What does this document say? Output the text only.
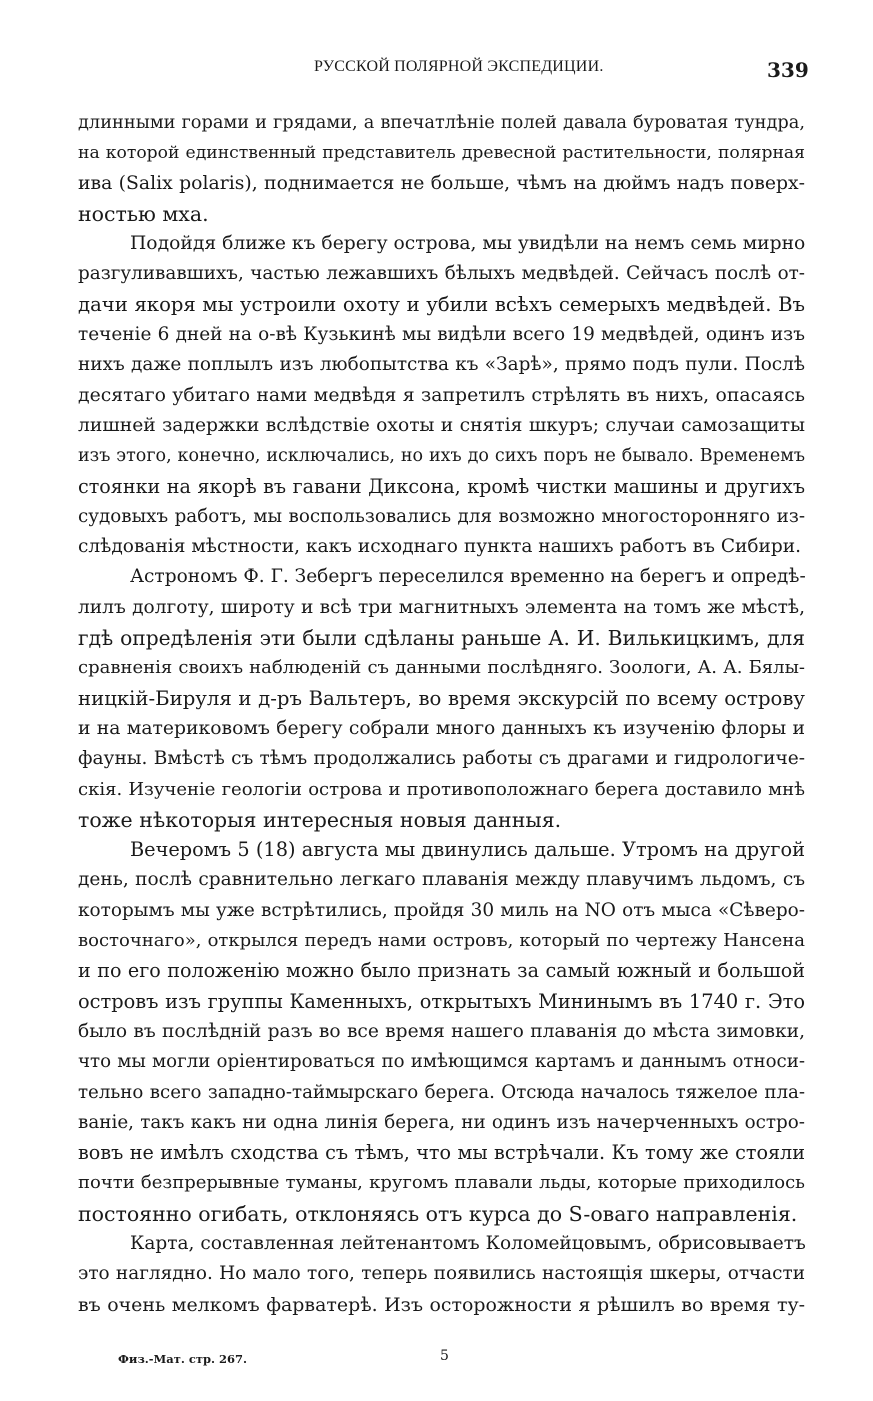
РУССКОЙ ПОЛЯРНОЙ ЭКСПЕДИЦИИ.	339
длинными горами и грядами, а впечатлѣніе полей давала буроватая тундра,
на которой единственный представитель древесной растительности, полярная
ива (Salix polaris), поднимается не больше, чѣмъ на дюймъ надъ поверх-
ностью мха.
Подойдя ближе къ берегу острова, мы увидѣли на немъ семь мирно
разгуливавшихъ, частью лежавшихъ бѣлыхъ медвѣдей. Сейчасъ послѣ от-
дачи якоря мы устроили охоту и убили всѣхъ семерыхъ медвѣдей. Въ
теченіе 6 дней на о-вѣ Кузькинѣ мы видѣли всего 19 медвѣдей, одинъ изъ
нихъ даже поплылъ изъ любопытства къ «Зарѣ», прямо подъ пули. Послѣ
десятаго убитаго нами медвѣдя я запретилъ стрѣлять въ нихъ, опасаясь
лишней задержки вслѣдствіе охоты и снятія шкуръ; случаи самозащиты
изъ этого, конечно, исключались, но ихъ до сихъ поръ не бывало. Временемъ
стоянки на якорѣ въ гавани Диксона, кромѣ чистки машины и другихъ
судовыхъ работъ, мы воспользовались для возможно многосторонняго из-
слѣдованія мѣстности, какъ исходнаго пункта нашихъ работъ въ Сибири.
Астрономъ Ф. Г. Зебергъ переселился временно на берегъ и опредѣ-
лилъ долготу, широту и всѣ три магнитныхъ элемента на томъ же мѣстѣ,
гдѣ опредѣленія эти были сдѣланы раньше А. И. Вилькицкимъ, для
сравненія своихъ наблюденій съ данными послѣдняго. Зоологи, А. А. Бялы-
ницкій-Бируля и д-ръ Вальтеръ, во время экскурсій по всему острову
и на материковомъ берегу собрали много данныхъ къ изученію флоры и
фауны. Вмѣстѣ съ тѣмъ продолжались работы съ драгами и гидрологиче-
скія. Изученіе геологіи острова и противоположнаго берега доставило мнѣ
тоже нѣкоторыя интересныя новыя данныя.
Вечеромъ 5 (18) августа мы двинулись дальше. Утромъ на другой
день, послѣ сравнительно легкаго плаванія между плавучимъ льдомъ, съ
которымъ мы уже встрѣтились, пройдя 30 миль на NO отъ мыса «Сѣверо-
восточнаго», открылся передъ нами островъ, который по чертежу Нансена
и по его положенію можно было признать за самый южный и большой
островъ изъ группы Каменныхъ, открытыхъ Мининымъ въ 1740 г. Это
было въ послѣдній разъ во все время нашего плаванія до мѣста зимовки,
что мы могли оріентироваться по имѣющимся картамъ и даннымъ относи-
тельно всего западно-таймырскаго берега. Отсюда началось тяжелое пла-
ваніе, такъ какъ ни одна линія берега, ни одинъ изъ начерченныхъ остро-
вовъ не имѣлъ сходства съ тѣмъ, что мы встрѣчали. Къ тому же стояли
почти безпрерывные туманы, кругомъ плавали льды, которые приходилось
постоянно огибать, отклоняясь отъ курса до S-оваго направленія.
Карта, составленная лейтенантомъ Коломейцовымъ, обрисовываетъ
это наглядно. Но мало того, теперь появились настоящія шкеры, отчасти
въ очень мелкомъ фарватерѣ. Изъ осторожности я рѣшилъ во время ту-
Физ.-Мат. стр. 267.	5
